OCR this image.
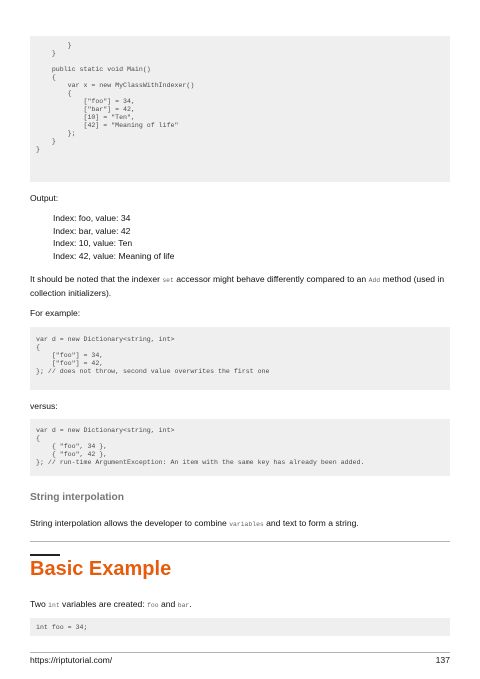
}
}

public static void Main()
{
var x = new MyClassWithIndexer()
{
["foo"] = 34,
["bar"] = 42,
[10] = "Ten",
[42] = "Meaning of life"
};
}
}
Output:
Index: foo, value: 34
Index: bar, value: 42
Index: 10, value: Ten
Index: 42, value: Meaning of life
It should be noted that the indexer set accessor might behave differently compared to an Add method (used in collection initializers).
For example:
var d = new Dictionary<string, int>
{
["foo"] = 34,
["foo"] = 42,
}; // does not throw, second value overwrites the first one
versus:
var d = new Dictionary<string, int>
{
{ "foo", 34 },
{ "foo", 42 },
}; // run-time ArgumentException: An item with the same key has already been added.
String interpolation
String interpolation allows the developer to combine variables and text to form a string.
Basic Example
Two int variables are created: foo and bar.
int foo = 34;
https://riptutorial.com/	137
